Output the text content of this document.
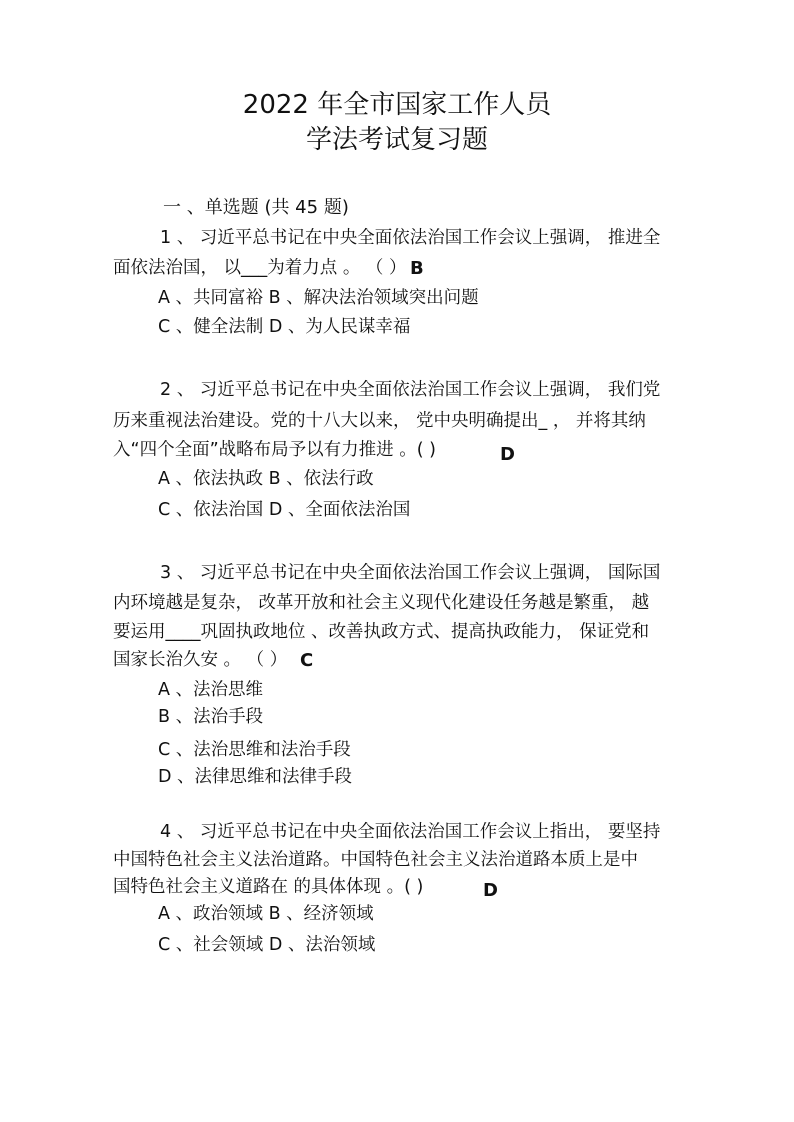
2022 年全市国家工作人员
学法考试复习题
一 、单选题 (共 45 题)
1 、 习近平总书记在中央全面依法治国工作会议上强调， 推进全
面依法治国， 以___为着力点 。 （ ） B
A 、共同富裕 B 、解决法治领域突出问题
C 、健全法制 D 、为人民谋幸福
2 、 习近平总书记在中央全面依法治国工作会议上强调， 我们党
历来重视法治建设。党的十八大以来， 党中央明确提出_ ， 并将其纳
入“四个全面”战略布局予以有力推进 。( )	D
A 、依法执政 B 、依法行政
C 、依法治国 D 、全面依法治国
3 、 习近平总书记在中央全面依法治国工作会议上强调， 国际国
内环境越是复杂， 改革开放和社会主义现代化建设任务越是繁重， 越
要运用____巩固执政地位 、改善执政方式、提高执政能力， 保证党和
国家长治久安 。 （ ） C
A 、法治思维
B 、法治手段
C 、法治思维和法治手段
D 、法律思维和法律手段
4 、 习近平总书记在中央全面依法治国工作会议上指出， 要坚持
中国特色社会主义法治道路。中国特色社会主义法治道路本质上是中
国特色社会主义道路在 的具体体现 。( )	D
A 、政治领域 B 、经济领域
C 、社会领域 D 、法治领域
